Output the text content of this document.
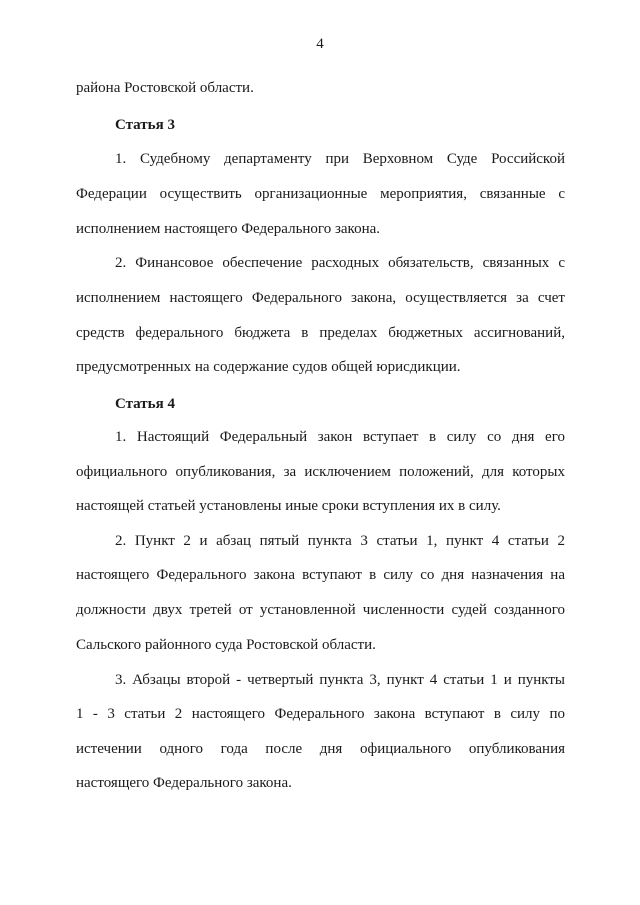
4
района Ростовской области.
Статья 3
1. Судебному департаменту при Верховном Суде Российской
Федерации осуществить организационные мероприятия, связанные с
исполнением настоящего Федерального закона.
2. Финансовое обеспечение расходных обязательств, связанных с
исполнением настоящего Федерального закона, осуществляется за счет
средств федерального бюджета в пределах бюджетных ассигнований,
предусмотренных на содержание судов общей юрисдикции.
Статья 4
1. Настоящий Федеральный закон вступает в силу со дня его
официального опубликования, за исключением положений, для которых
настоящей статьей установлены иные сроки вступления их в силу.
2. Пункт 2 и абзац пятый пункта 3 статьи 1, пункт 4 статьи 2
настоящего Федерального закона вступают в силу со дня назначения на
должности двух третей от установленной численности судей созданного
Сальского районного суда Ростовской области.
3. Абзацы второй - четвертый пункта 3, пункт 4 статьи 1 и пункты
1 - 3 статьи 2 настоящего Федерального закона вступают в силу по
истечении одного года после дня официального опубликования
настоящего Федерального закона.
